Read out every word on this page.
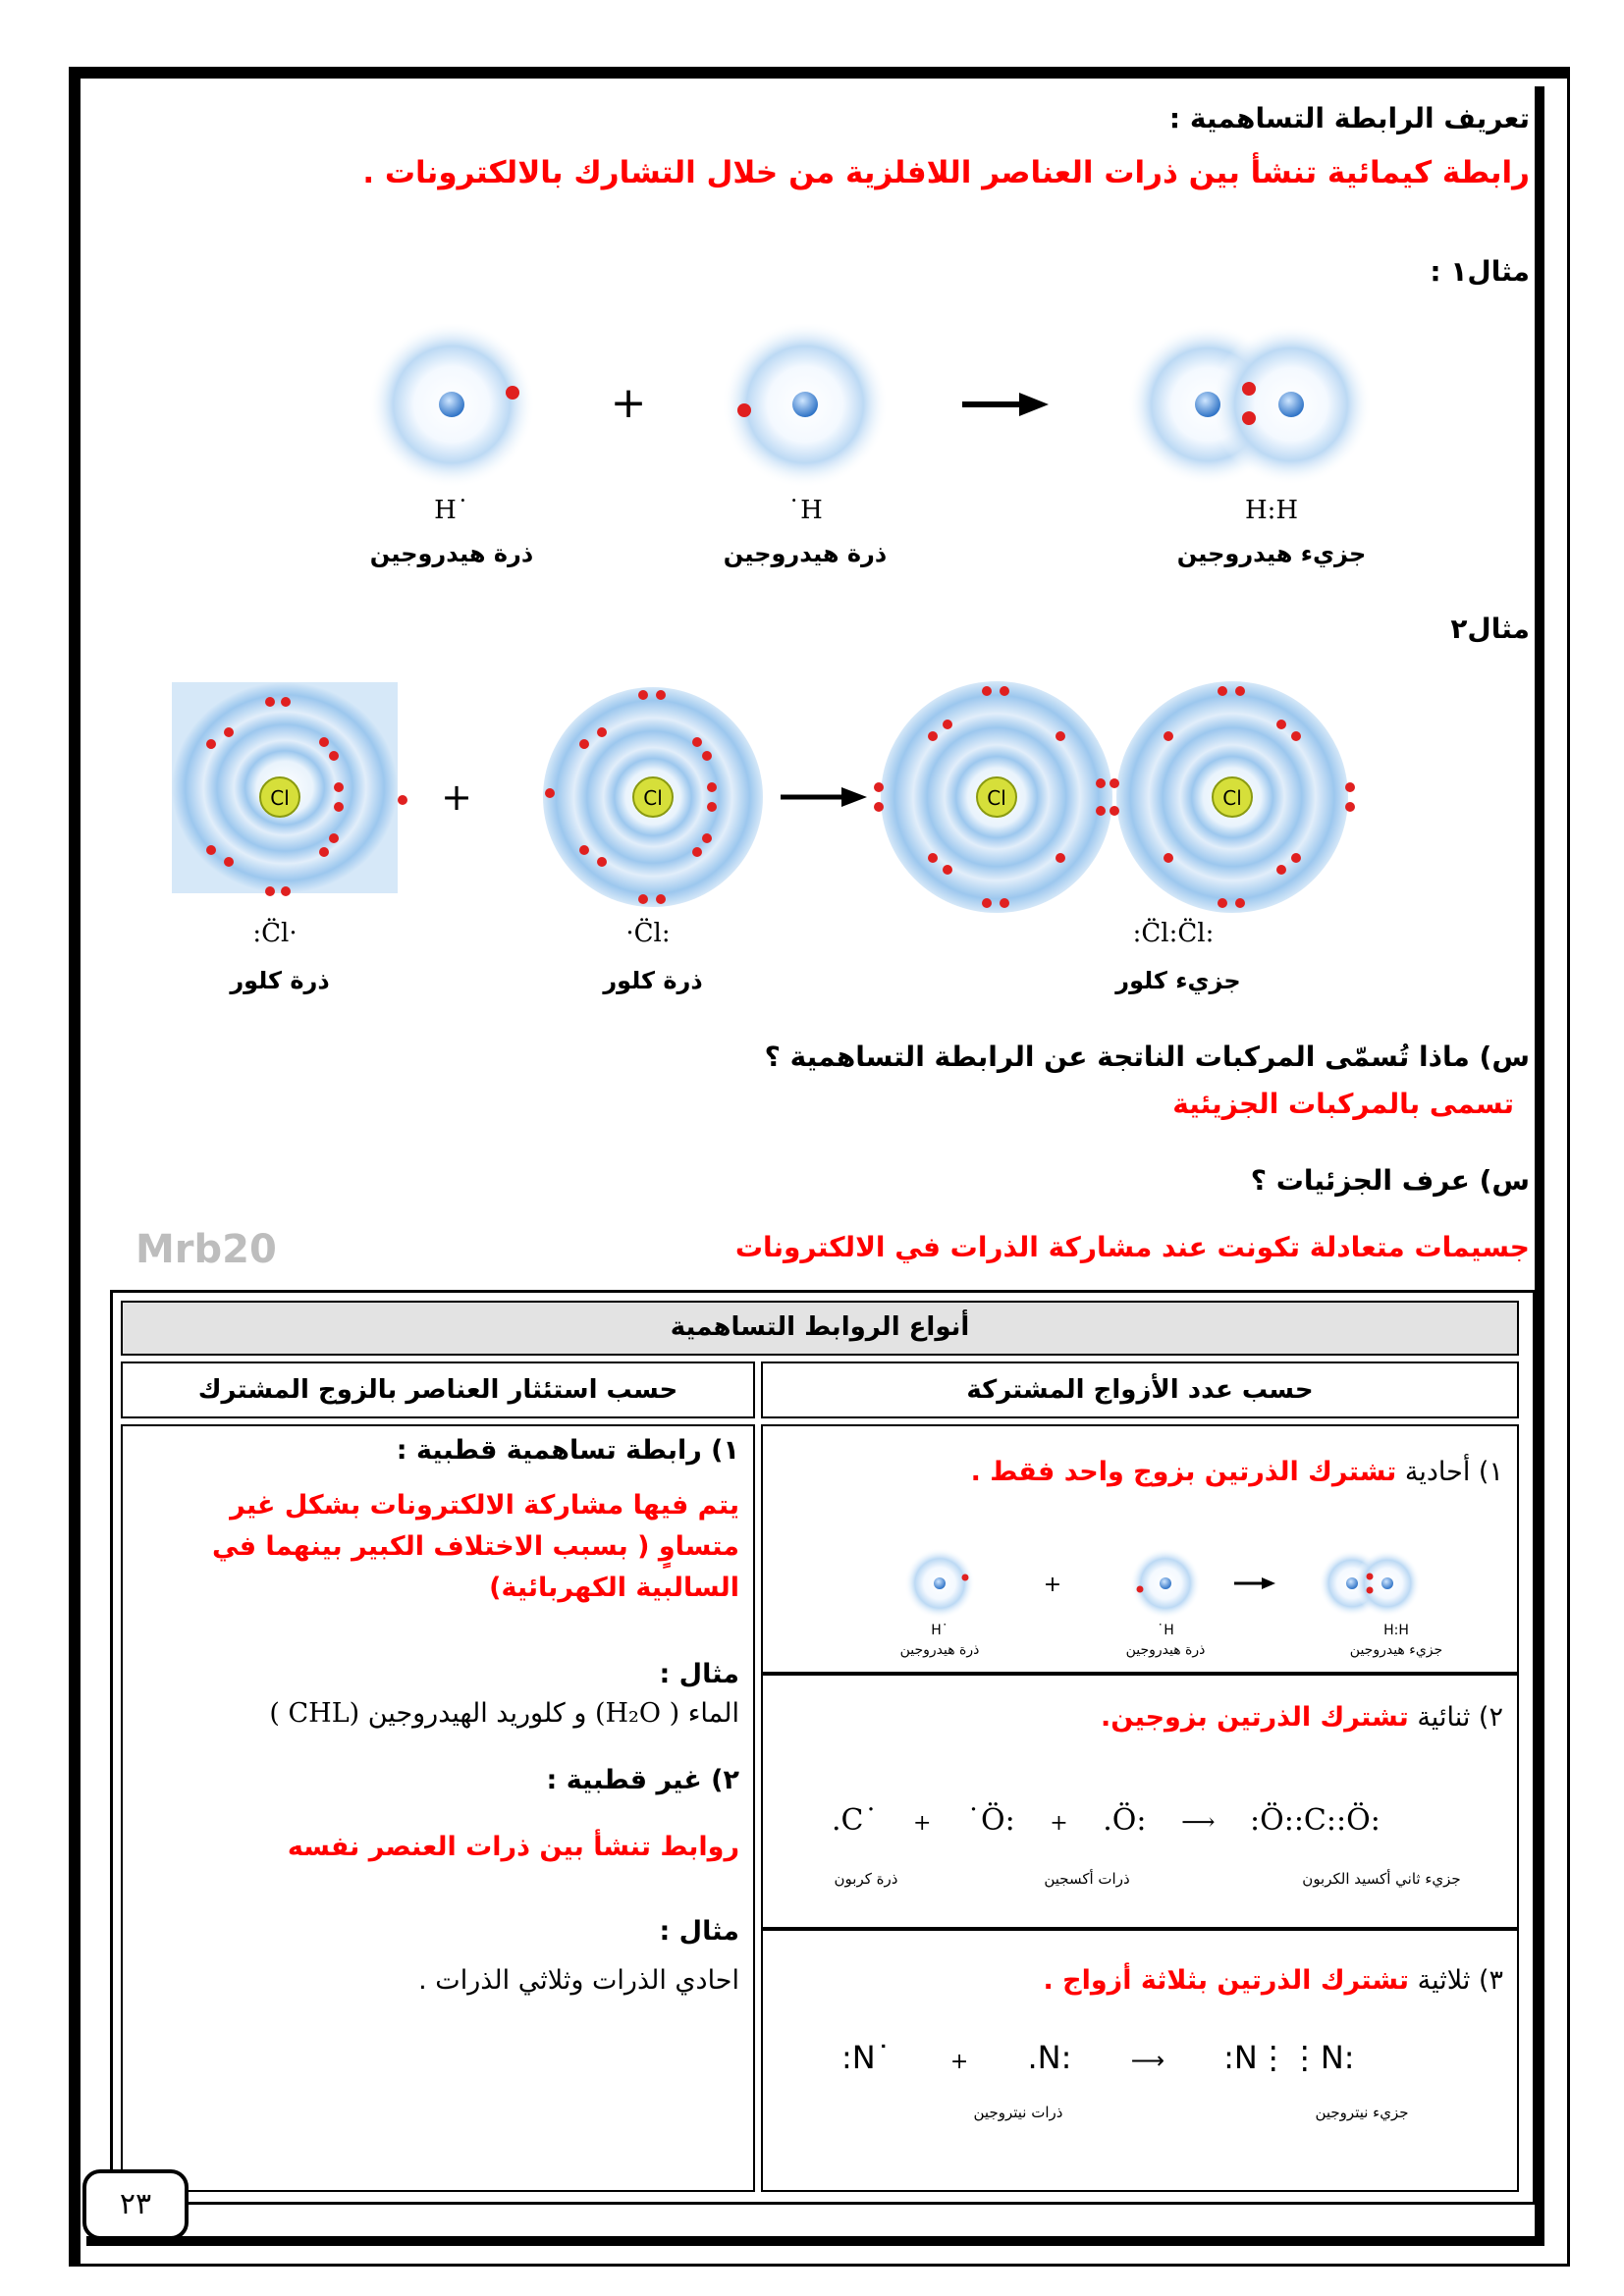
تعريف الرابطة التساهمية :
رابطة كيمائية تنشأ بين ذرات العناصر اللافلزية من خلال التشارك بالالكترونات .
مثال١ :
+
H˙	˙H	H:H
ذرة هيدروجين	ذرة هيدروجين	جزيء هيدروجين
مثال٢
Cl	+	Cl	Cl	Cl
:C̈l·	·C̈l:	:C̈l:C̈l:
ذرة كلور	ذرة كلور	جزيء كلور
س) ماذا تُسمّى المركبات الناتجة عن الرابطة التساهمية ؟
تسمى بالمركبات الجزيئية
س) عرف الجزئيات ؟
جسيمات متعادلة تكونت عند مشاركة الذرات في الالكترونات
Mrb20
أنواع الروابط التساهمية
حسب استئثار العناصر بالزوج المشترك	حسب عدد الأزواج المشتركة
١) رابطة تساهمية قطبية :
يتم فيها مشاركة الالكترونات بشكل غير متساوٍ ( بسبب الاختلاف الكبير بينهما في السالبية الكهربائية)
مثال :
الماء ( H₂O) و كلوريد الهيدروجين (CHL )
٢) غير قطبية :
روابط تنشأ بين ذرات العنصر نفسه
مثال :
احادي الذرات وثلاثي الذرات .
١) أحادية تشترك الذرتين بزوج واحد فقط .
+
H˙	˙H	H:H
ذرة هيدروجين	ذرة هيدروجين	جزيء هيدروجين
٢) ثنائية تشترك الذرتين بزوجين.
.C˙ + ˙Ö: + .Ö: ⟶ :Ö::C::Ö:
ذرة كربون	ذرات أكسجين	جزيء ثاني أكسيد الكربون
٣) ثلاثية تشترك الذرتين بثلاثة أزواج .
:N˙	+ .N:	⟶ :N⋮⋮N:
ذرات نيتروجين	جزيء نيتروجين
٢٣
